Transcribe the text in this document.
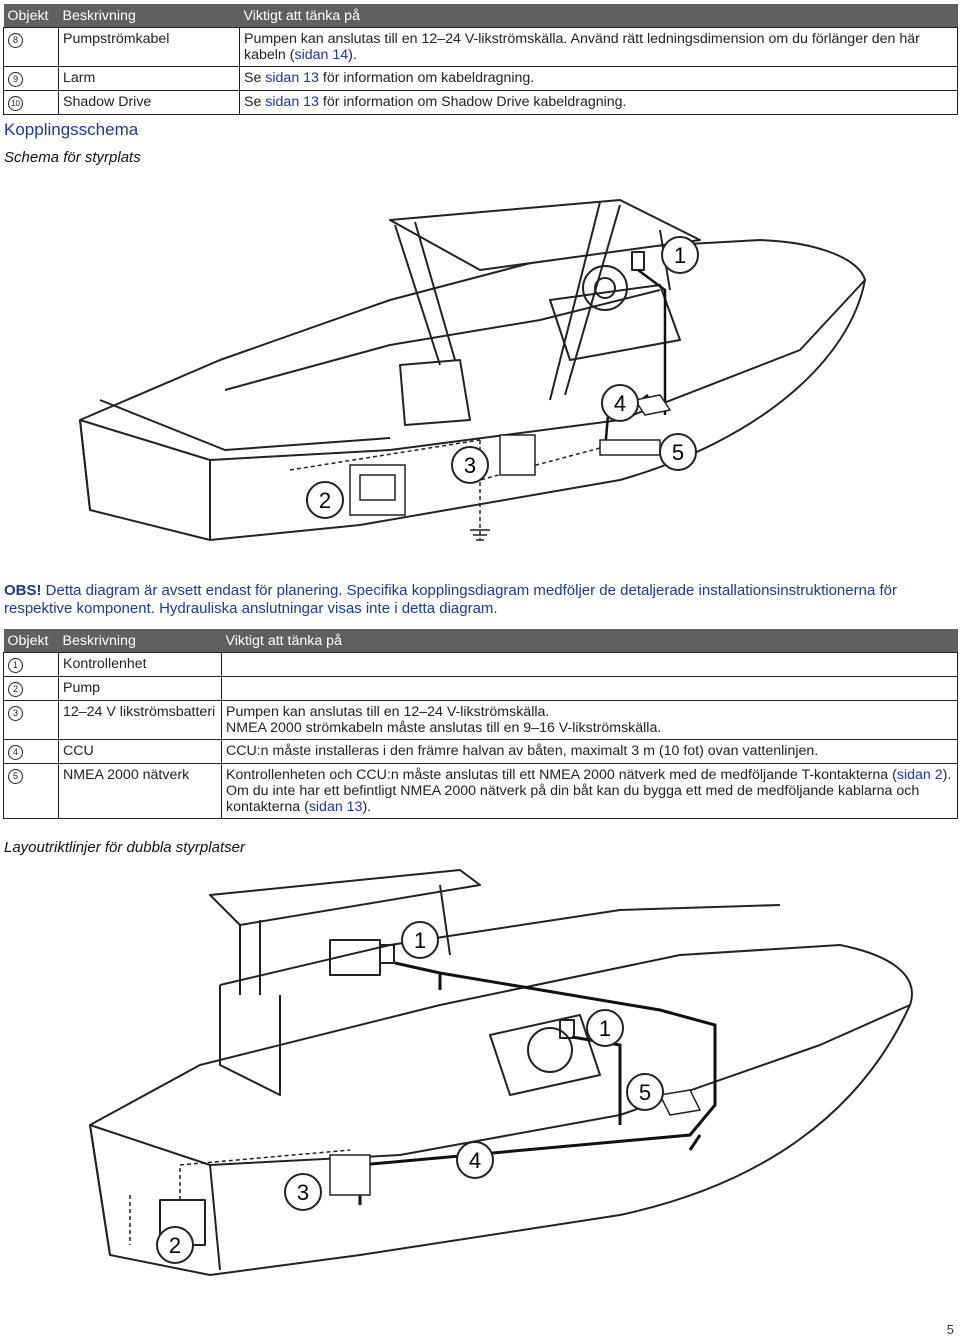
Objekt	Beskrivning	Viktigt att tänka på
8	Pumpströmkabel	Pumpen kan anslutas till en 12–24 V-likströmskälla. Använd rätt ledningsdimension om du förlänger den här kabeln (sidan 14).
9	Larm	Se sidan 13 för information om kabeldragning.
10	Shadow Drive	Se sidan 13 för information om Shadow Drive kabeldragning.
Kopplingsschema
Schema för styrplats
1
2
3
4
5
OBS! Detta diagram är avsett endast för planering. Specifika kopplingsdiagram medföljer de detaljerade installationsinstruktionerna för respektive komponent. Hydrauliska anslutningar visas inte i detta diagram.
Objekt	Beskrivning	Viktigt att tänka på
1	Kontrollenhet	
2	Pump	
3	12–24 V likströmsbatteri	Pumpen kan anslutas till en 12–24 V-likströmskälla.
NMEA 2000 strömkabeln måste anslutas till en 9–16 V-likströmskälla.

4	CCU	CCU:n måste installeras i den främre halvan av båten, maximalt 3 m (10 fot) ovan vattenlinjen.
5	NMEA 2000 nätverk	Kontrollenheten och CCU:n måste anslutas till ett NMEA 2000 nätverk med de medföljande T-kontakterna (sidan 2).
Om du inte har ett befintligt NMEA 2000 nätverk på din båt kan du bygga ett med de medföljande kablarna och kontakterna (sidan 13).
Layoutriktlinjer för dubbla styrplatser
1
1
5
4
3
2
5
